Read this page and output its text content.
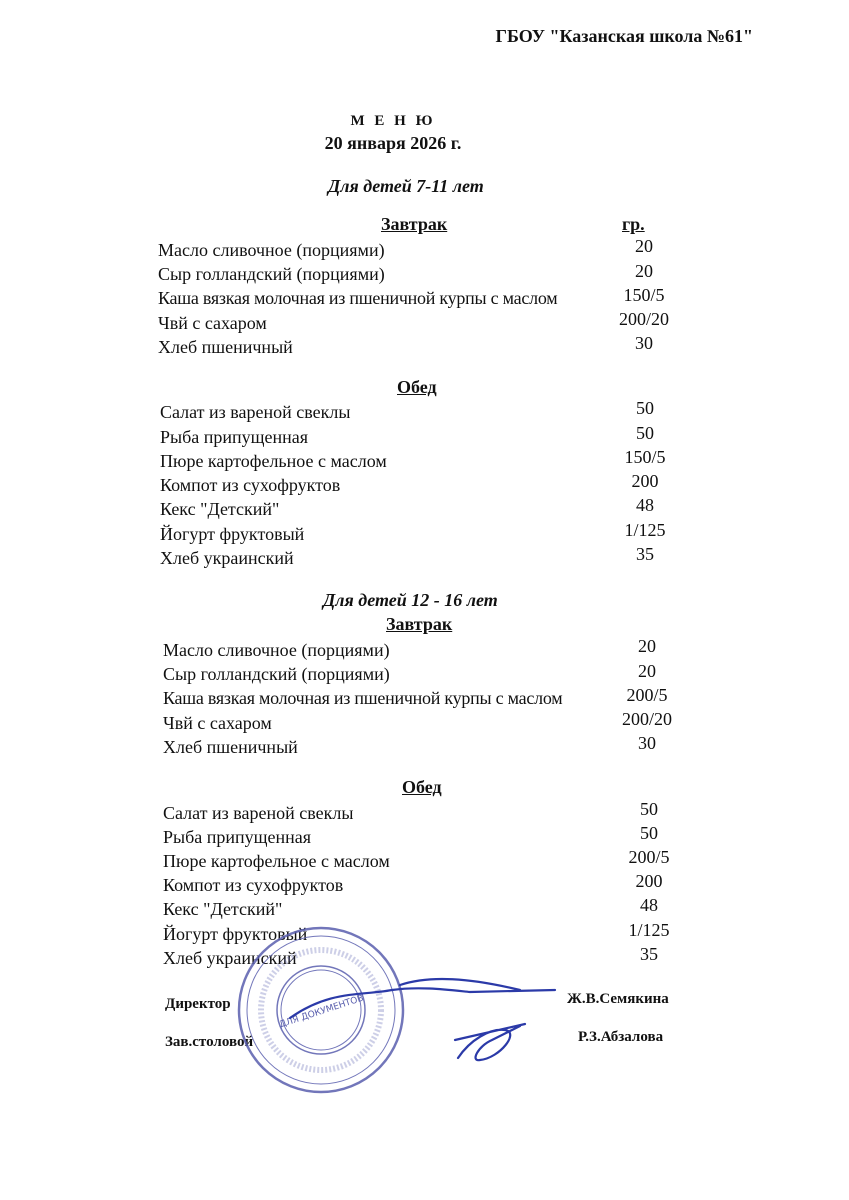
ГБОУ "Казанская школа №61"
М Е Н Ю
20 января 2026 г.
Для детей 7-11 лет
Завтрак	гр.
Масло сливочное (порциями)	20
Сыр голландский (порциями)	20
Каша вязкая молочная из пшеничной курпы с маслом	150/5
Чвй с сахаром	200/20
Хлеб пшеничный	30
Обед
Салат из вареной свеклы	50
Рыба припущенная	50
Пюре картофельное с маслом	150/5
Компот из сухофруктов	200
Кекс "Детский"	48
Йогурт фруктовый	1/125
Хлеб украинский	35
Для детей 12 - 16 лет
Завтрак
Масло сливочное (порциями)	20
Сыр голландский (порциями)	20
Каша вязкая молочная из пшеничной курпы с маслом	200/5
Чвй с сахаром	200/20
Хлеб пшеничный	30
Обед
Салат из вареной свеклы	50
Рыба припущенная	50
Пюре картофельное с маслом	200/5
Компот из сухофруктов	200
Кекс "Детский"	48
Йогурт фруктовый	1/125
Хлеб украинский	35
Директор	Ж.В.Семякина
Зав.столовой	Р.З.Абзалова
ДЛЯ ДОКУМЕНТОВ
